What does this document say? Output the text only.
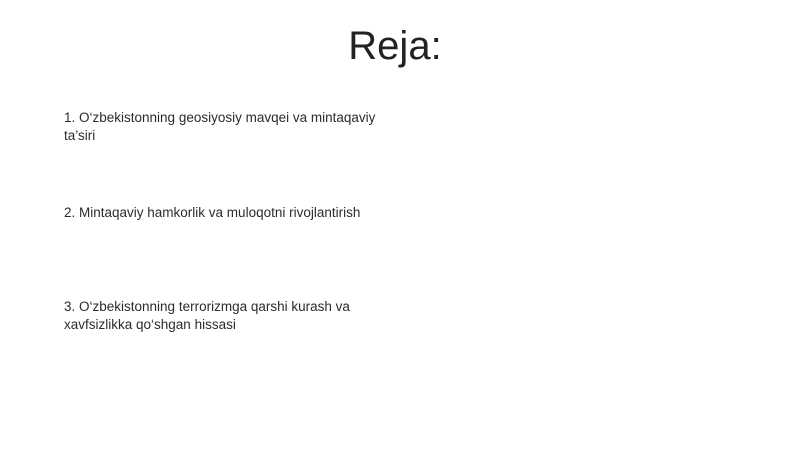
Reja:
1. O‘zbekistonning geosiyosiy mavqei va mintaqaviy ta’siri
2. Mintaqaviy hamkorlik va muloqotni rivojlantirish
3. O‘zbekistonning terrorizmga qarshi kurash va xavfsizlikka qo‘shgan hissasi
